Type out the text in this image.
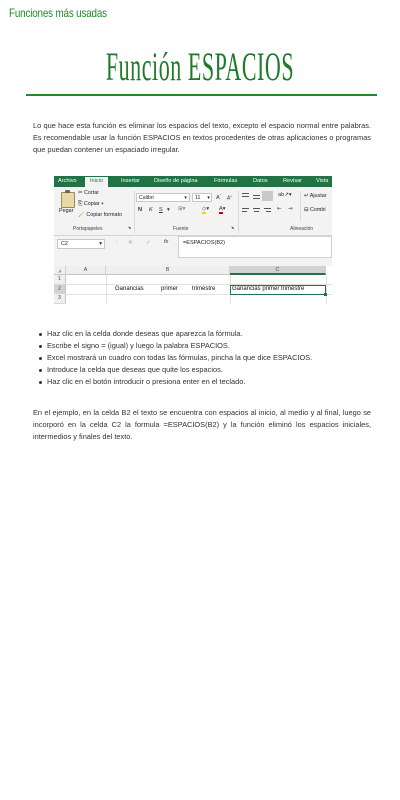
Funciones más usadas
Función ESPACIOS

Lo que hace esta función es eliminar los espacios del texto, excepto el espacio normal entre palabras. Es recomendable usar la función ESPACIOS en textos procedentes de otras aplicaciones o programas que puedan contener un espaciado irregular.

Archivo	Inicio	Insertar	Diseño de página	Fórmulas	Datos	Revisar	Vista
Pegar
✂ Cortar
⎘ Copiar ▾
🖌 Copiar formato
Portapapeles	⬊
Calibri	▾	11 ▾ A^
$A^v$
N K S ▾ ⊞▾	◇▾ A▾
Fuente	⬊
ab↗▾
⇤ ⇥
↵ Ajustar
⊟ Combi
Alineación
C2	▾ ⋮ ✕ ✓ fx	=ESPACIOS(B2)
◢	A	B	C
1
2
3
Ganancias	primer trimestre	Ganancias primer trimestre
Haz clic en la celda donde deseas que aparezca la fórmula.
Escribe el signo = (igual) y luego la palabra ESPACIOS.
Excel mostrará un cuadro con todas las fórmulas, pincha la que dice ESPACIOS.
Introduce la celda que deseas que quite los espacios.
Haz clic en el botón introducir o presiona enter en el teclado.

En el ejemplo, en la celda B2 el texto se encuentra con espacios al inicio, al medio y al final, luego se incorporó en la celda C2 la formula =ESPACIOS(B2) y la función eliminó los espacios iniciales, intermedios y finales del texto.
